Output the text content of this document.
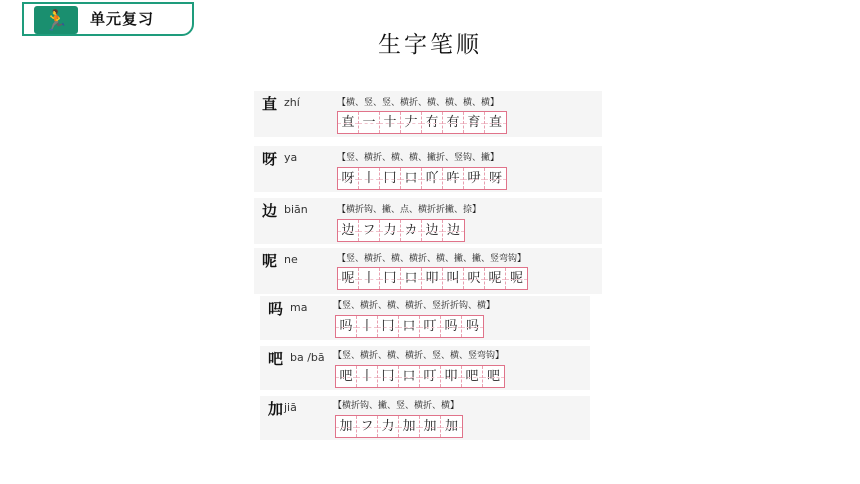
🏃	单元复习
生字笔顺
直 zhí	【横、竖、竖、横折、横、横、横、横】
直 一 十 𠂇 冇 有 育 直
呀 ya	【竖、横折、横、横、撇折、竖钩、撇】
呀 丨 冂 口 吖 吘 吚 呀
边 biān	【横折钩、撇、点、横折折撇、捺】
边 フ 力 カ 边 边
呢 ne	【竖、横折、横、横折、横、撇、撇、竖弯钩】
呢 丨 冂 口 叩 叫 呎 呢 呢
吗 ma	【竖、横折、横、横折、竖折折钩、横】
吗 丨 冂 口 叮 吗 吗
吧 ba /bā 【竖、横折、横、横折、竖、横、竖弯钩】
吧 丨 冂 口 叮 叩 吧 吧
加 jiā	【横折钩、撇、竖、横折、横】
加 フ 力 加 加 加
